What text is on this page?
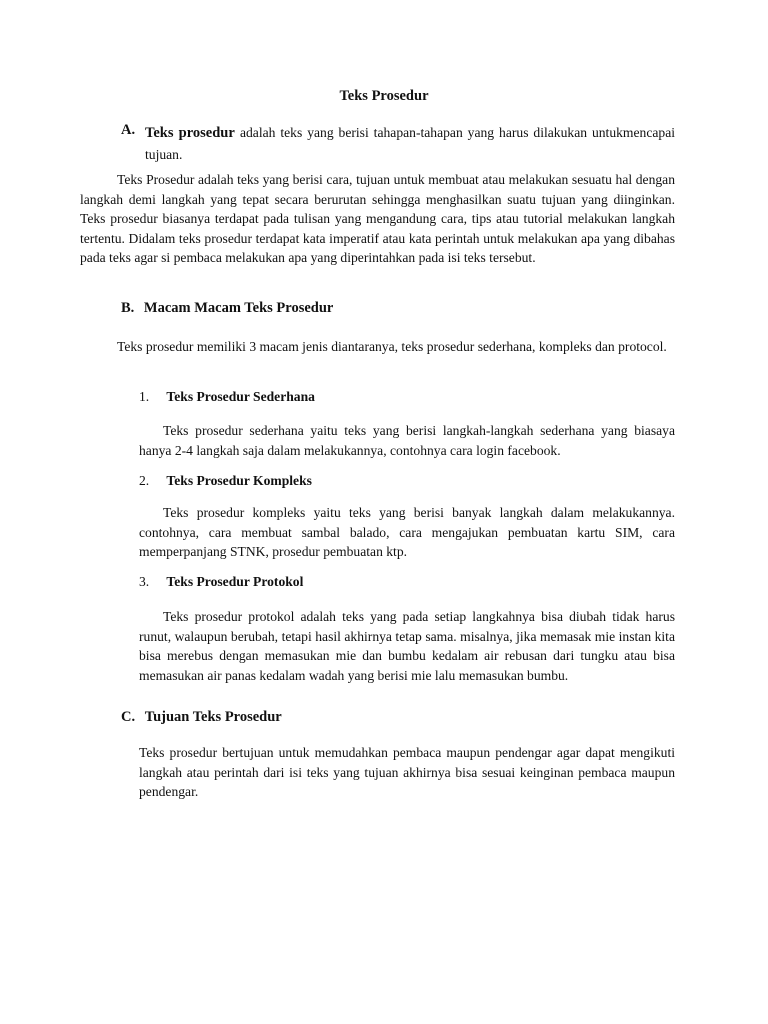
Teks Prosedur
A. Teks prosedur adalah teks yang berisi tahapan-tahapan yang harus dilakukan untukmencapai tujuan.
Teks Prosedur adalah teks yang berisi cara, tujuan untuk membuat atau melakukan sesuatu hal dengan langkah demi langkah yang tepat secara berurutan sehingga menghasilkan suatu tujuan yang diinginkan. Teks prosedur biasanya terdapat pada tulisan yang mengandung cara, tips atau tutorial melakukan langkah tertentu. Didalam teks prosedur terdapat kata imperatif atau kata perintah untuk melakukan apa yang dibahas pada teks agar si pembaca melakukan apa yang diperintahkan pada isi teks tersebut.
B. Macam Macam Teks Prosedur
Teks prosedur memiliki 3 macam jenis diantaranya, teks prosedur sederhana, kompleks dan protocol.
1. Teks Prosedur Sederhana
Teks prosedur sederhana yaitu teks yang berisi langkah-langkah sederhana yang biasaya hanya 2-4 langkah saja dalam melakukannya, contohnya cara login facebook.
2. Teks Prosedur Kompleks
Teks prosedur kompleks yaitu teks yang berisi banyak langkah dalam melakukannya. contohnya, cara membuat sambal balado, cara mengajukan pembuatan kartu SIM, cara memperpanjang STNK, prosedur pembuatan ktp.
3. Teks Prosedur Protokol
Teks prosedur protokol adalah teks yang pada setiap langkahnya bisa diubah tidak harus runut, walaupun berubah, tetapi hasil akhirnya tetap sama. misalnya, jika memasak mie instan kita bisa merebus dengan memasukan mie dan bumbu kedalam air rebusan dari tungku atau bisa memasukan air panas kedalam wadah yang berisi mie lalu memasukan bumbu.
C. Tujuan Teks Prosedur
Teks prosedur bertujuan untuk memudahkan pembaca maupun pendengar agar dapat mengikuti langkah atau perintah dari isi teks yang tujuan akhirnya bisa sesuai keinginan pembaca maupun pendengar.
